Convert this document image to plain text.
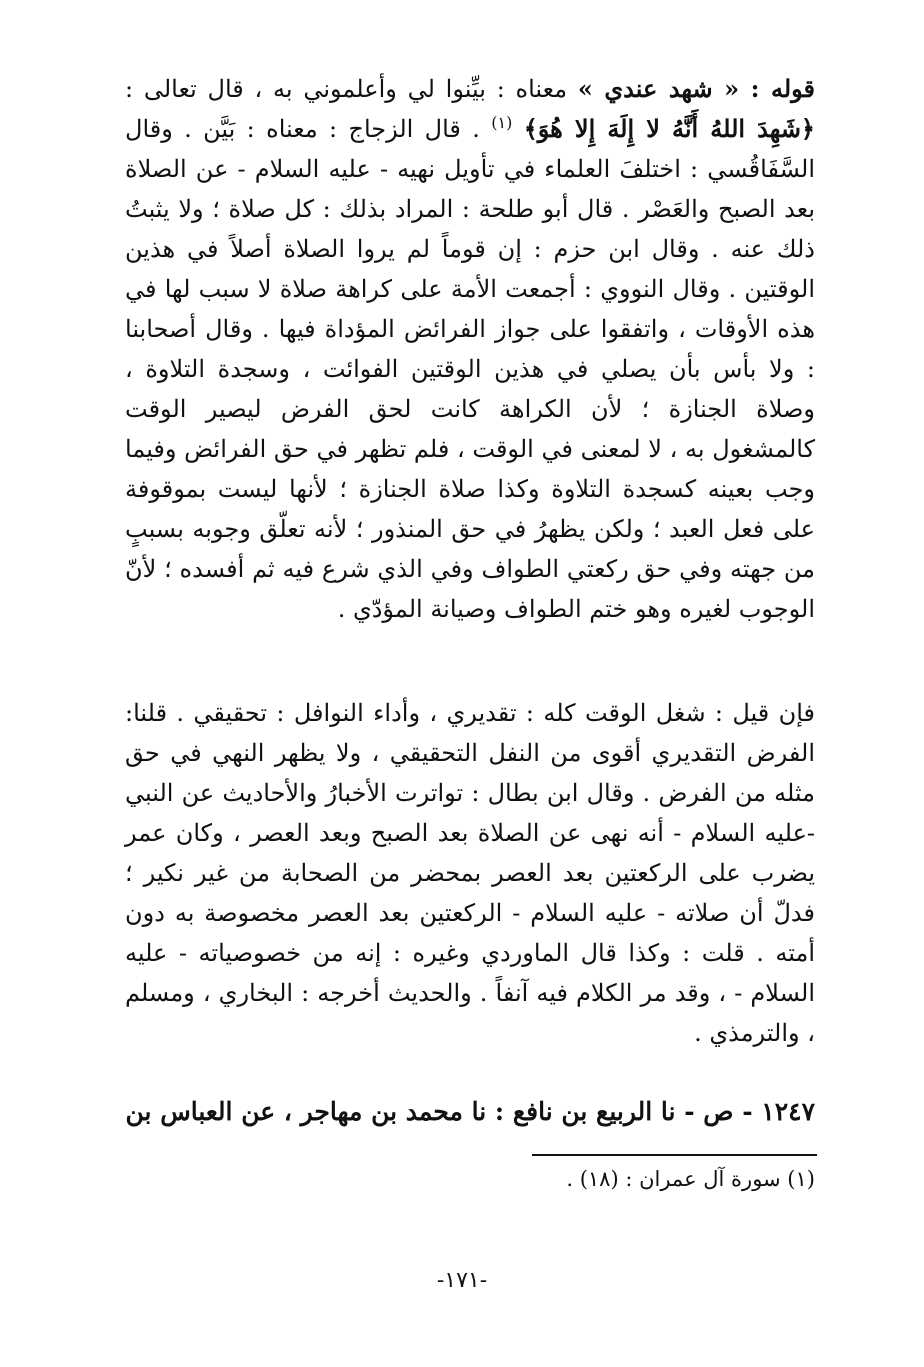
قوله : « شهد عندي » معناه : بيِّنوا لي وأعلموني به ، قال تعالى : ﴿شَهِدَ اللهُ أَنَّهُ لا إِلَهَ إِلا هُوَ﴾ $^{(١)}$ . قال الزجاج : معناه : بَيَّن . وقال السَّفَاقُسي : اختلفَ العلماء في تأويل نهيه - عليه السلام - عن الصلاة بعد الصبح والعَصْر . قال أبو طلحة : المراد بذلك : كل صلاة ؛ ولا يثبتُ ذلك عنه . وقال ابن حزم : إن قوماً لم يروا الصلاة أصلاً في هذين الوقتين . وقال النووي : أجمعت الأمة على كراهة صلاة لا سبب لها في هذه الأوقات ، واتفقوا على جواز الفرائض المؤداة فيها . وقال أصحابنا : ولا بأس بأن يصلي في هذين الوقتين الفوائت ، وسجدة التلاوة ، وصلاة الجنازة ؛ لأن الكراهة كانت لحق الفرض ليصير الوقت كالمشغول به ، لا لمعنى في الوقت ، فلم تظهر في حق الفرائض وفيما وجب بعينه كسجدة التلاوة وكذا صلاة الجنازة ؛ لأنها ليست بموقوفة على فعل العبد ؛ ولكن يظهرُ في حق المنذور ؛ لأنه تعلّق وجوبه بسببٍ من جهته وفي حق ركعتي الطواف وفي الذي شرع فيه ثم أفسده ؛ لأنّ الوجوب لغيره وهو ختم الطواف وصيانة المؤدّي .
فإن قيل : شغل الوقت كله : تقديري ، وأداء النوافل : تحقيقي . قلنا: الفرض التقديري أقوى من النفل التحقيقي ، ولا يظهر النهي في حق مثله من الفرض . وقال ابن بطال : تواترت الأخبارُ والأحاديث عن النبي -عليه السلام - أنه نهى عن الصلاة بعد الصبح وبعد العصر ، وكان عمر يضرب على الركعتين بعد العصر بمحضر من الصحابة من غير نكير ؛ فدلّ أن صلاته - عليه السلام - الركعتين بعد العصر مخصوصة به دون أمته . قلت : وكذا قال الماوردي وغيره : إنه من خصوصياته - عليه السلام - ، وقد مر الكلام فيه آنفاً . والحديث أخرجه : البخاري ، ومسلم ، والترمذي .
١٢٤٧ - ص - نا الربيع بن نافع : نا محمد بن مهاجر ، عن العباس بن
(١) سورة آل عمران : (١٨) .
-١٧١-
